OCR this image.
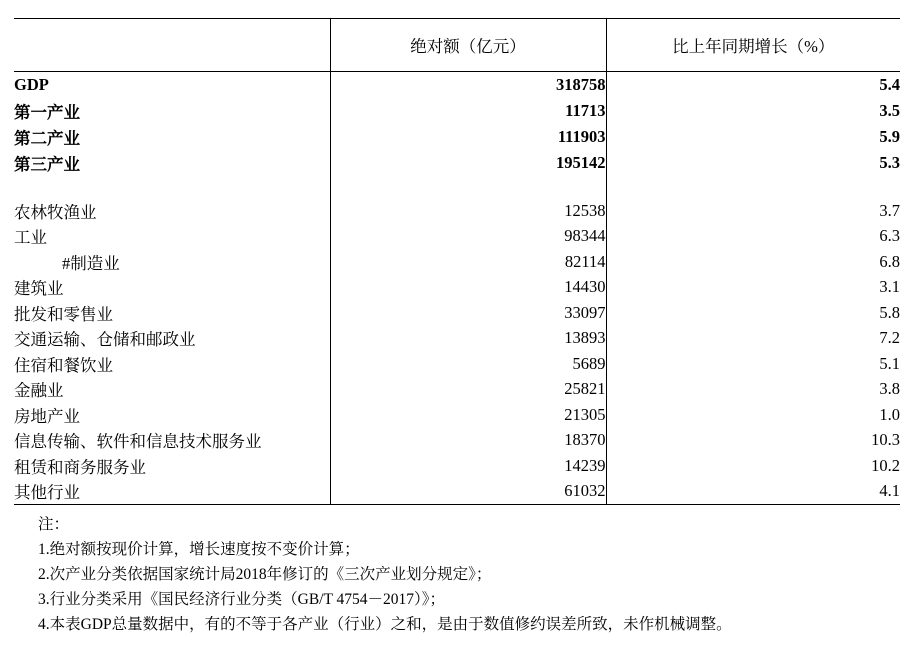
	绝对额（亿元）	比上年同期增长（%）
GDP	318758	5.4
第一产业	11713	3.5
第二产业	111903	5.9
第三产业	195142	5.3

农林牧渔业	12538	3.7
工业	98344	6.3
#制造业	82114	6.8
建筑业	14430	3.1
批发和零售业	33097	5.8
交通运输、仓储和邮政业	13893	7.2
住宿和餐饮业	5689	5.1
金融业	25821	3.8
房地产业	21305	1.0
信息传输、软件和信息技术服务业	18370	10.3
租赁和商务服务业	14239	10.2
其他行业	61032	4.1
注：
1.绝对额按现价计算，增长速度按不变价计算；
2.次产业分类依据国家统计局2018年修订的《三次产业划分规定》；
3.行业分类采用《国民经济行业分类（GB/T 4754－2017）》；
4.本表GDP总量数据中，有的不等于各产业（行业）之和，是由于数值修约误差所致，未作机械调整。
